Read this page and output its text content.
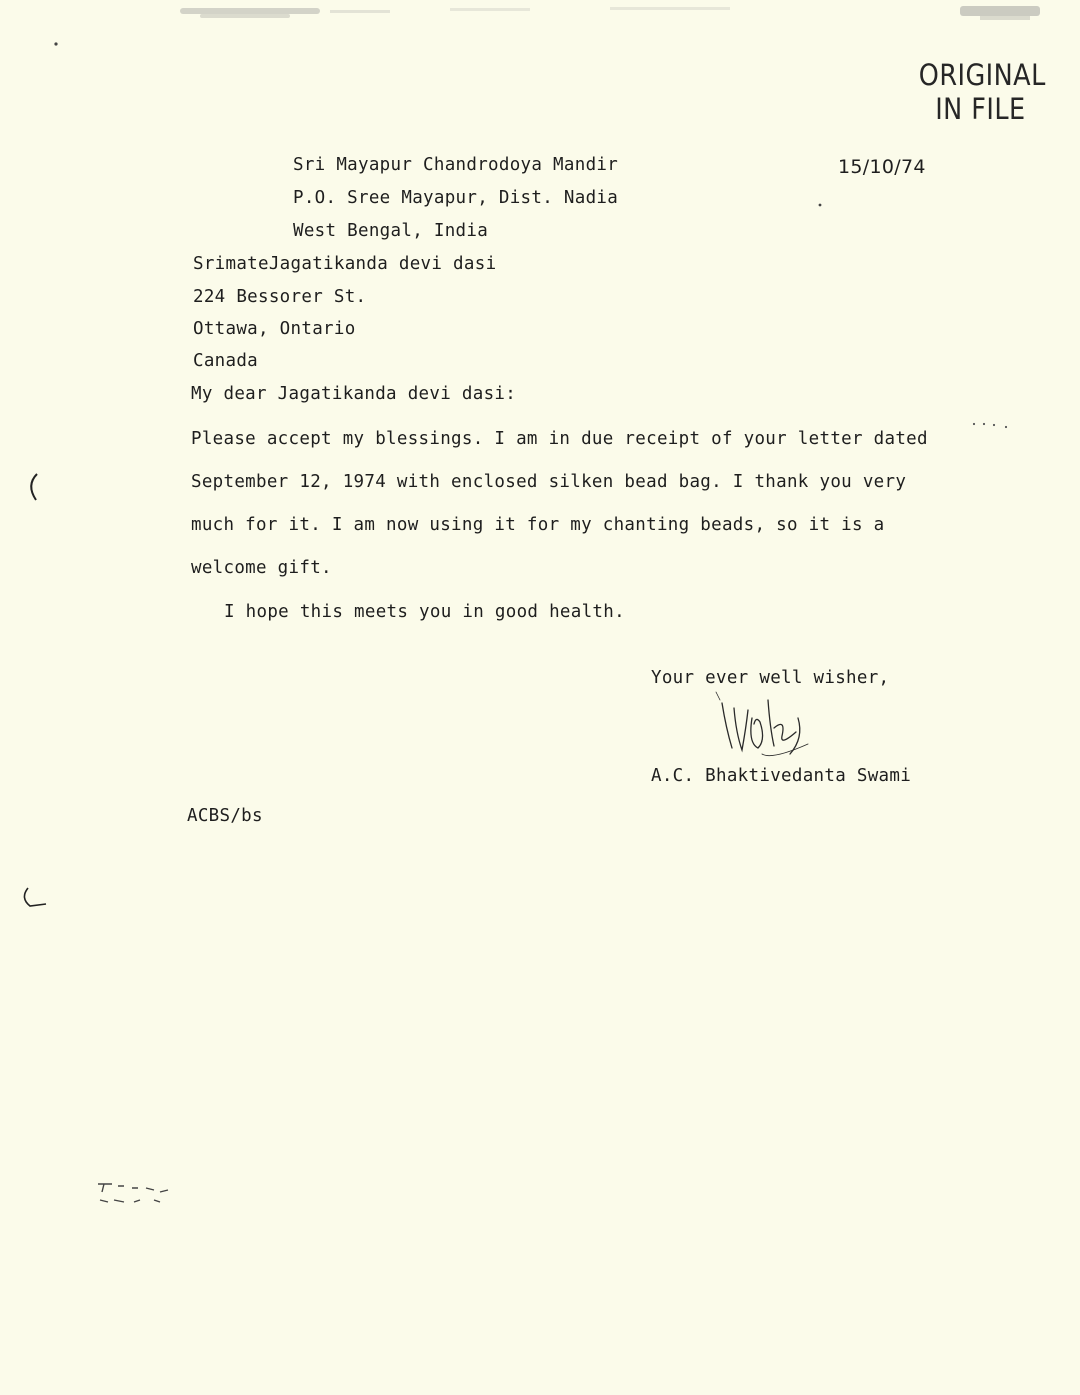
ORIGINAL
IN FILE
Sri Mayapur Chandrodoya Mandir
P.O. Sree Mayapur, Dist. Nadia
West Bengal, India
15/10/74
SrimateJagatikanda devi dasi
224 Bessorer St.
Ottawa, Ontario
Canada
My dear Jagatikanda devi dasi:
Please accept my blessings. I am in due receipt of your letter dated
September 12, 1974 with enclosed silken bead bag. I thank you very
much for it. I am now using it for my chanting beads, so it is a
welcome gift.
I hope this meets you in good health.
Your ever well wisher,
A.C. Bhaktivedanta Swami
ACBS/bs
